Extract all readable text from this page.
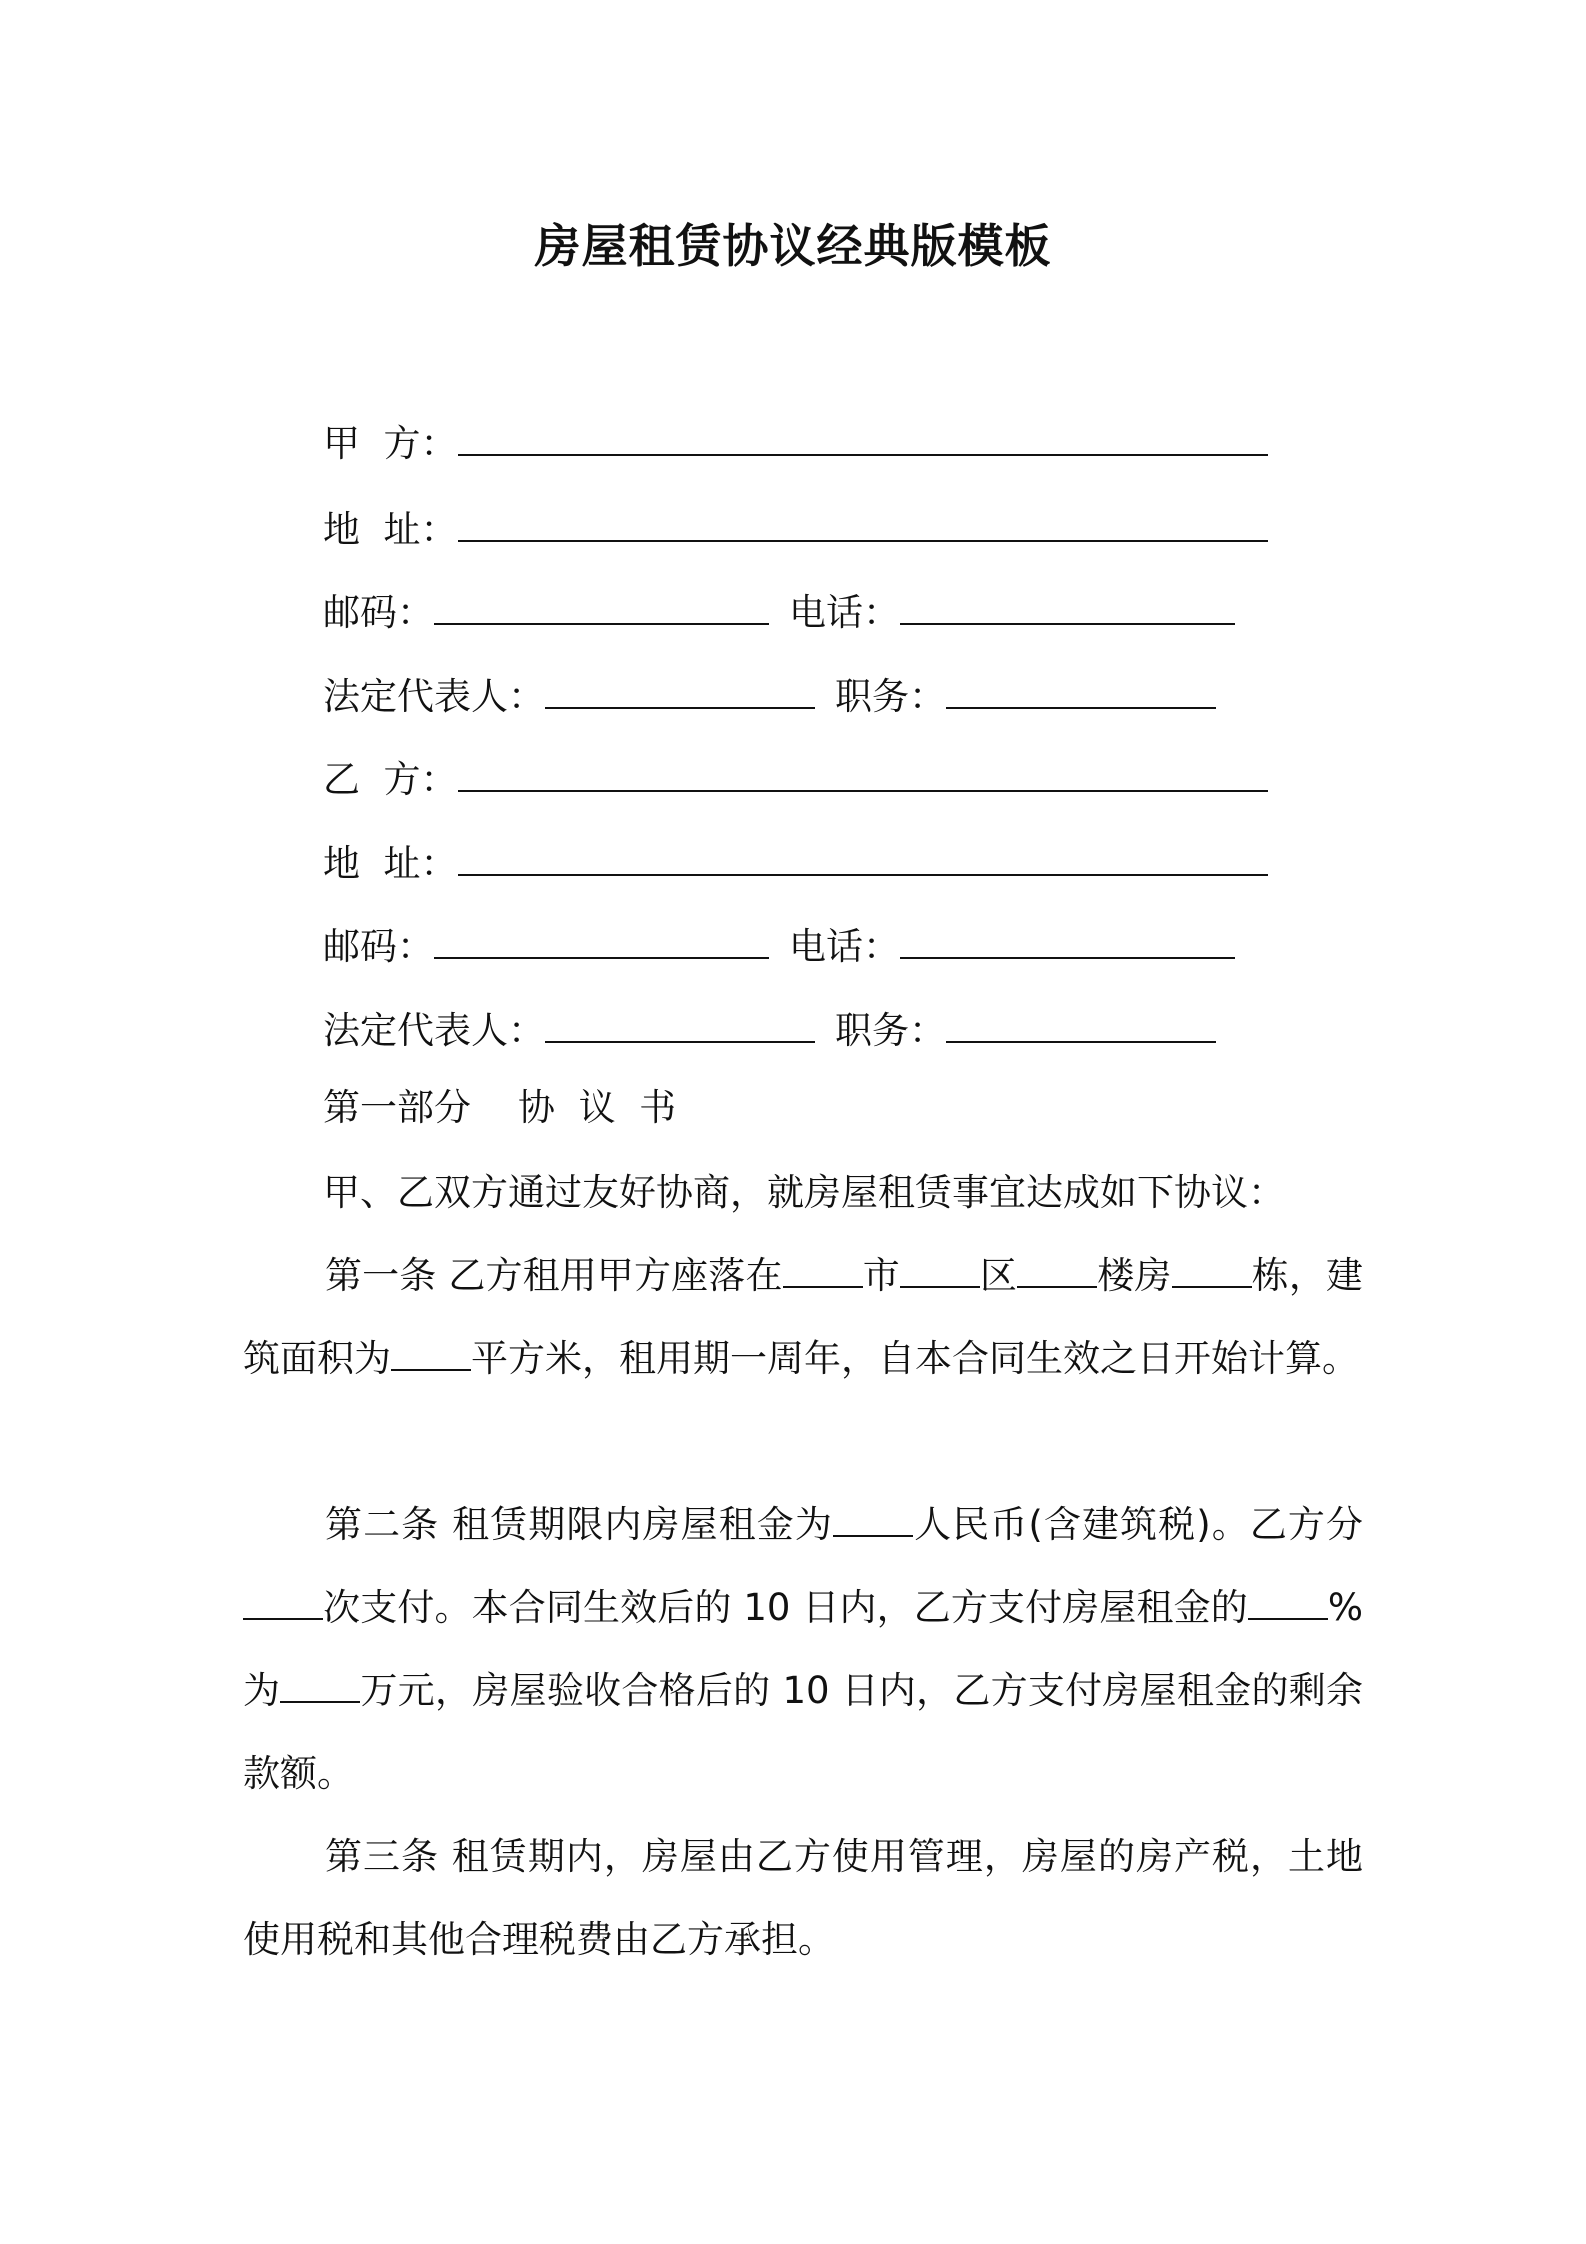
房屋租赁协议经典版模板
甲  方：
地  址：
邮码：	电话：
法定代表人：	职务：
乙  方：
地  址：
邮码：	电话：
法定代表人：	职务：
第一部分    协  议  书
甲、乙双方通过友好协商，就房屋租赁事宜达成如下协议：
第一条 乙方租用甲方座落在 市 区 楼房 栋，建筑面积为 平方米，租用期一周年，自本合同生效之日开始计算。
第二条 租赁期限内房屋租金为 人民币(含建筑税)。乙方分次支付。本合同生效后的 10 日内，乙方支付房屋租金的 %为 万元，房屋验收合格后的 10 日内，乙方支付房屋租金的剩余款额。
第三条 租赁期内，房屋由乙方使用管理，房屋的房产税，土地使用税和其他合理税费由乙方承担。
